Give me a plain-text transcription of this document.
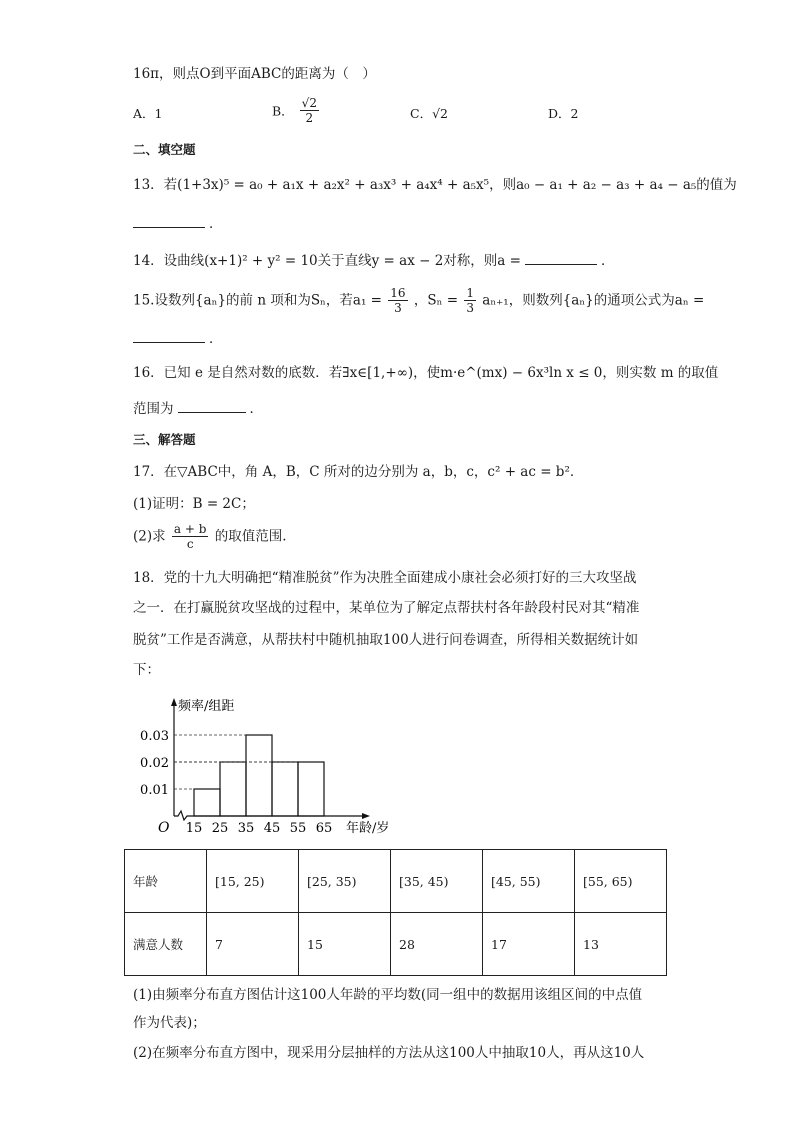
16π，则点O到平面ABC的距离为（　）
A．1	B． $\frac{√2}{2}$	C．√2	D．2
二、填空题
13．若(1+3x)⁵ = a₀ + a₁x + a₂x² + a₃x³ + a₄x⁴ + a₅x⁵，则a₀ − a₁ + a₂ − a₃ + a₄ − a₅的值为
．
14．设曲线(x+1)² + y² = 10关于直线y = ax − 2对称，则a =	．
15.设数列{aₙ}的前 n 项和为Sₙ，若$a_1 = \frac{16}{3}$ ，$S_n = \frac{1}{3} a_{n+1}$，则数列{aₙ}的通项公式为aₙ =
．
16．已知 e 是自然对数的底数．若∃x∈[1,+∞)，使m·e^(mx) − 6x³ln x ≤ 0，则实数 m 的取值
范围为	．
三、解答题
17．在▽ABC中，角 A，B，C 所对的边分别为 a，b，c，c² + ac = b²．
(1)证明：B = 2C；
(2)求 $\frac{a + b}{c}$ 的取值范围.
18．党的十九大明确把“精准脱贫”作为决胜全面建成小康社会必须打好的三大攻坚战
之一．在打赢脱贫攻坚战的过程中，某单位为了解定点帮扶村各年龄段村民对其“精准
脱贫”工作是否满意，从帮扶村中随机抽取100人进行问卷调查，所得相关数据统计如
下：
频率/组距
年龄/岁
O
0.01
0.02
0.03
15 25 35 45 55 65
年龄	[15, 25)	[25, 35)	[35, 45)	[45, 55)	[55, 65)
满意人数	7	15	28	17	13
(1)由频率分布直方图估计这100人年龄的平均数(同一组中的数据用该组区间的中点值
作为代表)；
(2)在频率分布直方图中，现采用分层抽样的方法从这100人中抽取10人，再从这10人
